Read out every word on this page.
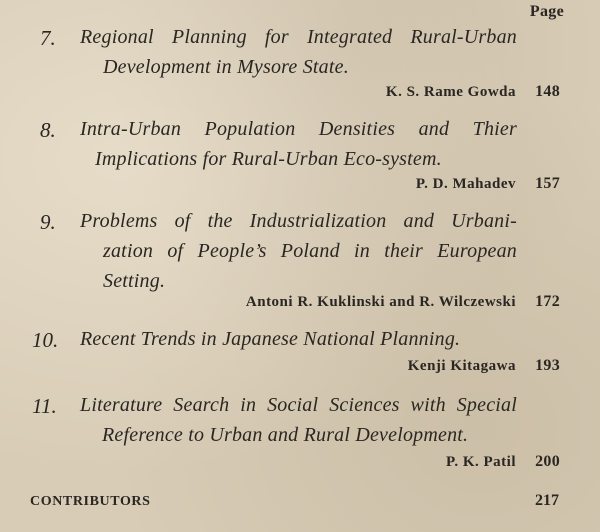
Page
7. Regional Planning for Integrated Rural-Urban
Development in Mysore State.
K. S. Rame Gowda 148
8. Intra-Urban Population Densities and Thier
Implications for Rural-Urban Eco-system.
P. D. Mahadev 157
9. Problems of the Industrialization and Urbani-
zation of People’s Poland in their European
Setting.
Antoni R. Kuklinski and R. Wilczewski 172
10. Recent Trends in Japanese National Planning.
Kenji Kitagawa 193
11. Literature Search in Social Sciences with Special
Reference to Urban and Rural Development.
P. K. Patil 200
CONTRIBUTORS	217
